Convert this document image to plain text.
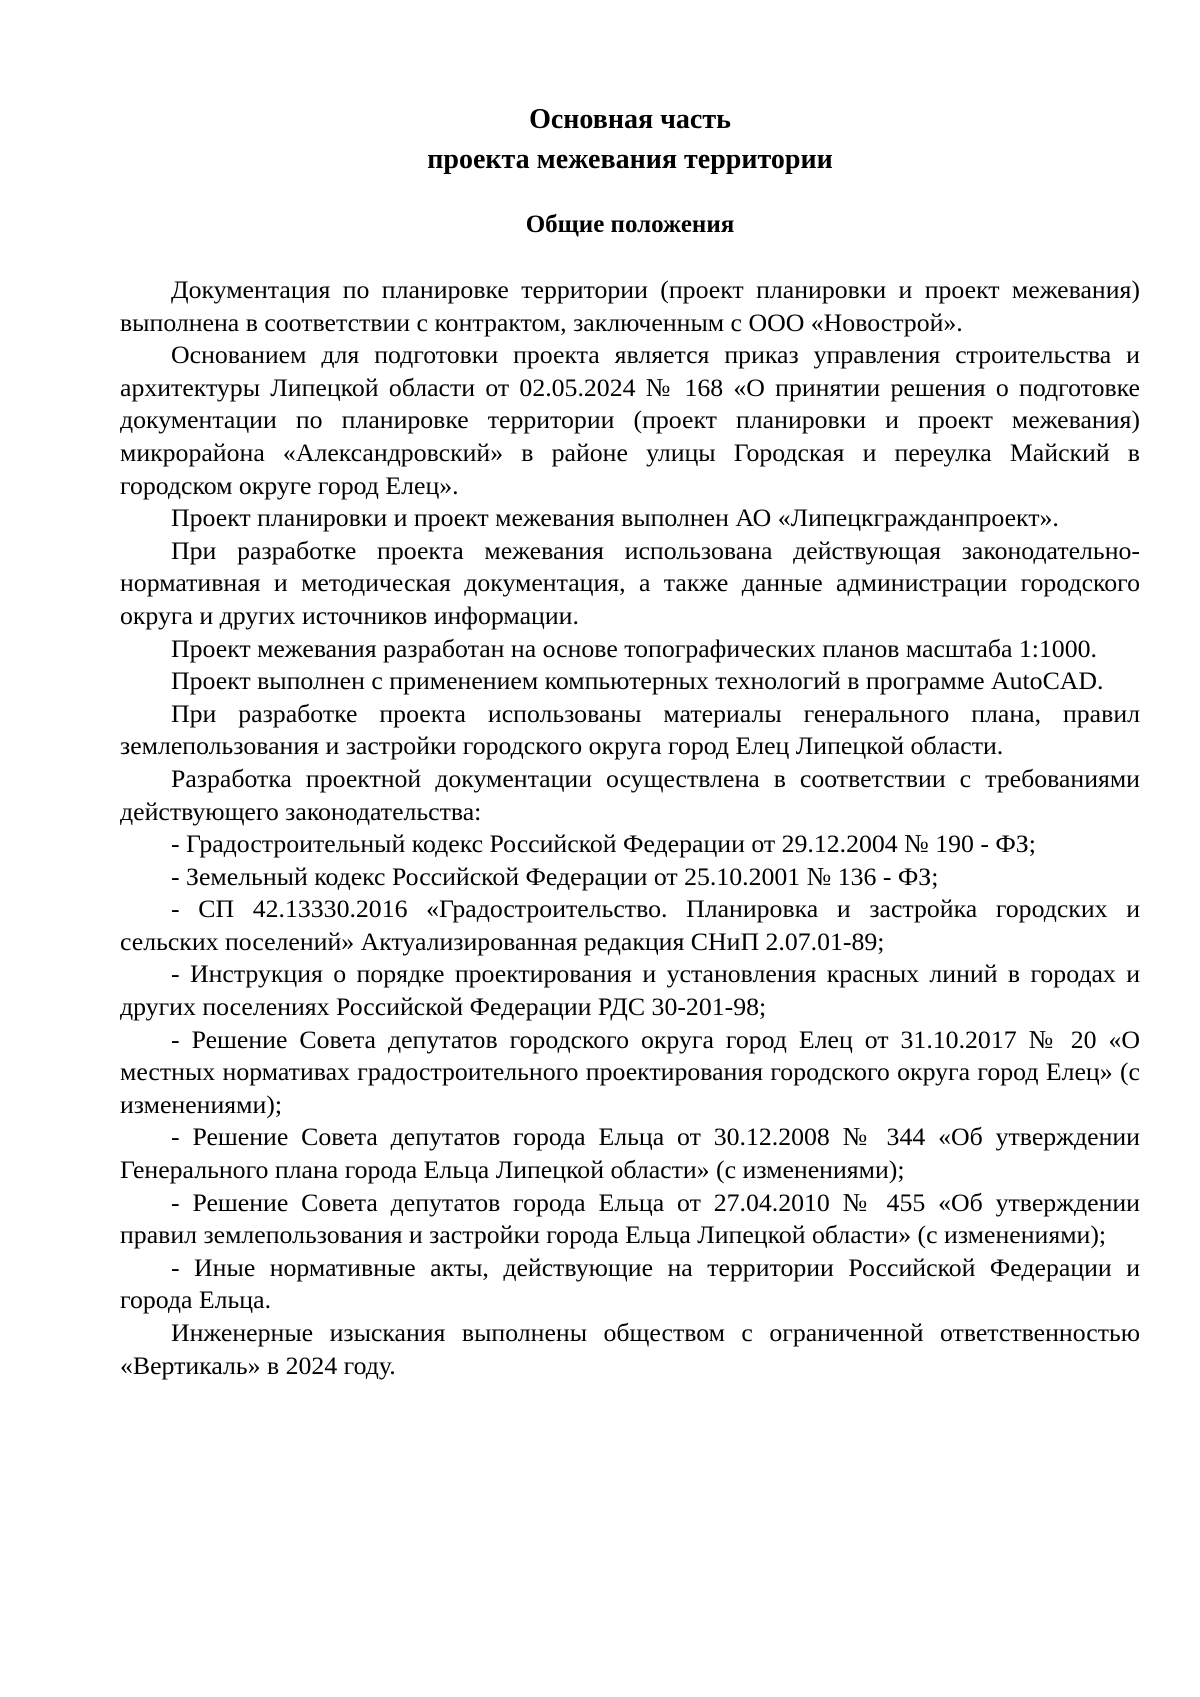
Основная часть
проекта межевания территории
Общие положения

Документация по планировке территории (проект планировки и проект межевания) выполнена в соответствии с контрактом, заключенным с ООО «Новострой».

Основанием для подготовки проекта является приказ управления строительства и архитектуры Липецкой области от 02.05.2024 № 168 «О принятии решения о подготовке документации по планировке территории (проект планировки и проект межевания) микрорайона «Александровский» в районе улицы Городская и переулка Майский в городском округе город Елец».

Проект планировки и проект межевания выполнен АО «Липецкгражданпроект».

При разработке проекта межевания использована действующая законодательно-нормативная и методическая документация, а также данные администрации городского округа и других источников информации.

Проект межевания разработан на основе топографических планов масштаба 1:1000.

Проект выполнен с применением компьютерных технологий в программе AutoCAD.

При разработке проекта использованы материалы генерального плана, правил землепользования и застройки городского округа город Елец Липецкой области.

Разработка проектной документации осуществлена в соответствии с требованиями действующего законодательства:

- Градостроительный кодекс Российской Федерации от 29.12.2004 № 190 - ФЗ;

- Земельный кодекс Российской Федерации от 25.10.2001 № 136 - ФЗ;

- СП 42.13330.2016 «Градостроительство. Планировка и застройка городских и сельских поселений» Актуализированная редакция СНиП 2.07.01-89;

- Инструкция о порядке проектирования и установления красных линий в городах и других поселениях Российской Федерации РДС 30-201-98;

- Решение Совета депутатов городского округа город Елец от 31.10.2017 № 20 «О местных нормативах градостроительного проектирования городского округа город Елец» (с изменениями);

- Решение Совета депутатов города Ельца от 30.12.2008 № 344 «Об утверждении Генерального плана города Ельца Липецкой области» (с изменениями);

- Решение Совета депутатов города Ельца от 27.04.2010 № 455 «Об утверждении правил землепользования и застройки города Ельца Липецкой области» (с изменениями);

- Иные нормативные акты, действующие на территории Российской Федерации и города Ельца.

Инженерные изыскания выполнены обществом с ограниченной ответственностью «Вертикаль» в 2024 году.
